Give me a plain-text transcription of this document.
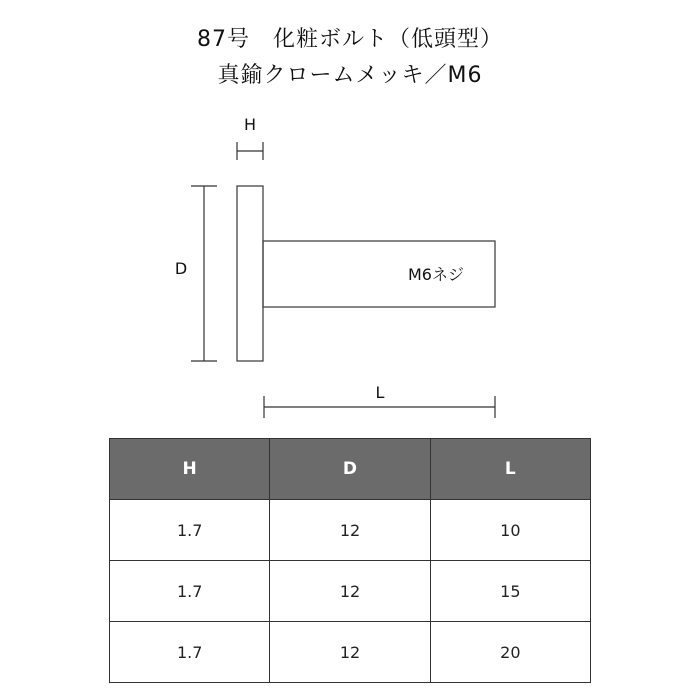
87号　化粧ボルト（低頭型）
真鍮クロームメッキ／M6
H
D	M6ネジ
L
H	D	L
1.7	12	10
1.7	12	15
1.7	12	20
